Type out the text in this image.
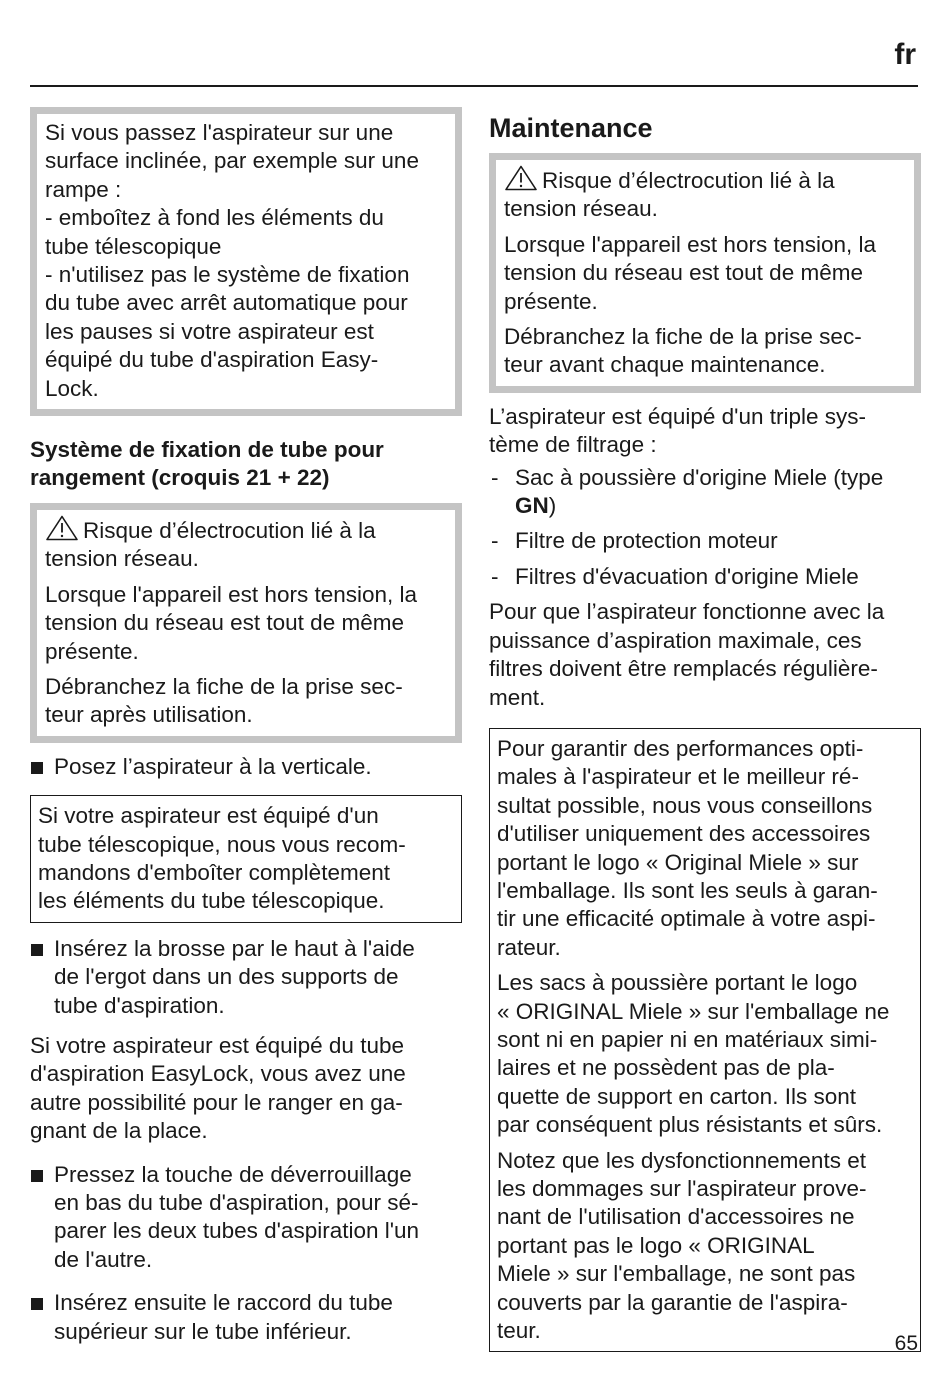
fr

Si vous passez l'aspirateur sur une
surface inclinée, par exemple sur une
rampe :
- emboîtez à fond les éléments du
tube télescopique
- n'utilisez pas le système de fixation
du tube avec arrêt automatique pour
les pauses si votre aspirateur est
équipé du tube d'aspiration Easy-
Lock.

Système de fixation de tube pour
rangement (croquis 21 + 22)

Risque d’électrocution lié à la
tension réseau.

Lorsque l'appareil est hors tension, la
tension du réseau est tout de même
présente.

Débranchez la fiche de la prise sec-
teur après utilisation.

Posez l’aspirateur à la verticale.

Si votre aspirateur est équipé d'un
tube télescopique, nous vous recom-
mandons d'emboîter complètement
les éléments du tube télescopique.

Insérez la brosse par le haut à l'aide
de l'ergot dans un des supports de
tube d'aspiration.

Si votre aspirateur est équipé du tube
d'aspiration EasyLock, vous avez une
autre possibilité pour le ranger en ga-
gnant de la place.

Pressez la touche de déverrouillage
en bas du tube d'aspiration, pour sé-
parer les deux tubes d'aspiration l'un
de l'autre.
Insérez ensuite le raccord du tube
supérieur sur le tube inférieur.
Maintenance

Risque d’électrocution lié à la
tension réseau.

Lorsque l'appareil est hors tension, la
tension du réseau est tout de même
présente.

Débranchez la fiche de la prise sec-
teur avant chaque maintenance.

L’aspirateur est équipé d'un triple sys-
tème de filtrage :

- Sac à poussière d'origine Miele (type
GN)
- Filtre de protection moteur
- Filtres d'évacuation d'origine Miele

Pour que l’aspirateur fonctionne avec la
puissance d’aspiration maximale, ces
filtres doivent être remplacés régulière-
ment.

Pour garantir des performances opti-
males à l'aspirateur et le meilleur ré-
sultat possible, nous vous conseillons
d'utiliser uniquement des accessoires
portant le logo « Original Miele » sur
l'emballage. Ils sont les seuls à garan-
tir une efficacité optimale à votre aspi-
rateur.

Les sacs à poussière portant le logo
« ORIGINAL Miele » sur l'emballage ne
sont ni en papier ni en matériaux simi-
laires et ne possèdent pas de pla-
quette de support en carton. Ils sont
par conséquent plus résistants et sûrs.

Notez que les dysfonctionnements et
les dommages sur l'aspirateur prove-
nant de l'utilisation d'accessoires ne
portant pas le logo « ORIGINAL
Miele » sur l'emballage, ne sont pas
couverts par la garantie de l'aspira-
teur.

65
